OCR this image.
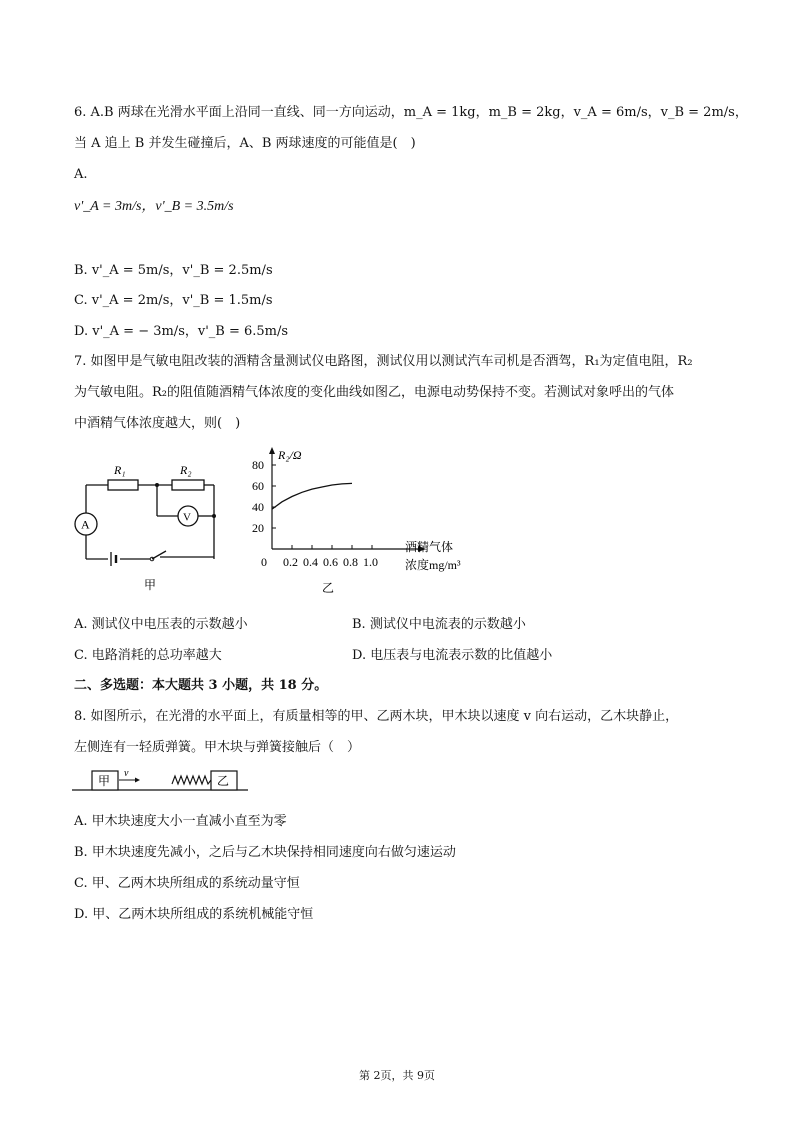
6. A.B 两球在光滑水平面上沿同一直线、同一方向运动，m_A = 1kg，m_B = 2kg，v_A = 6m/s，v_B = 2m/s，
当 A 追上 B 并发生碰撞后，A、B 两球速度的可能值是(　)
A.
v'_A = 3m/s，v'_B = 3.5m/s
B. v'_A = 5m/s，v'_B = 2.5m/s
C. v'_A = 2m/s，v'_B = 1.5m/s
D. v'_A = − 3m/s，v'_B = 6.5m/s
7. 如图甲是气敏电阻改装的酒精含量测试仪电路图，测试仪用以测试汽车司机是否酒驾，R₁为定值电阻，R₂
为气敏电阻。R₂的阻值随酒精气体浓度的变化曲线如图乙，电源电动势保持不变。若测试对象呼出的气体
中酒精气体浓度越大，则(　)
R₁	R₂
A	V
甲
20
40
60
80
0.2 0.4 0.6 0.8 1.0
R₂/Ω
酒精气体
浓度mg/m³
0
乙
A. 测试仪中电压表的示数越小	B. 测试仪中电流表的示数越小
C. 电路消耗的总功率越大	D. 电压表与电流表示数的比值越小
二、多选题：本大题共 3 小题，共 18 分。
8. 如图所示，在光滑的水平面上，有质量相等的甲、乙两木块，甲木块以速度 v 向右运动，乙木块静止，
左侧连有一轻质弹簧。甲木块与弹簧接触后（　）
甲	乙
v
A. 甲木块速度大小一直减小直至为零
B. 甲木块速度先减小，之后与乙木块保持相同速度向右做匀速运动
C. 甲、乙两木块所组成的系统动量守恒
D. 甲、乙两木块所组成的系统机械能守恒
第 2页，共 9页
